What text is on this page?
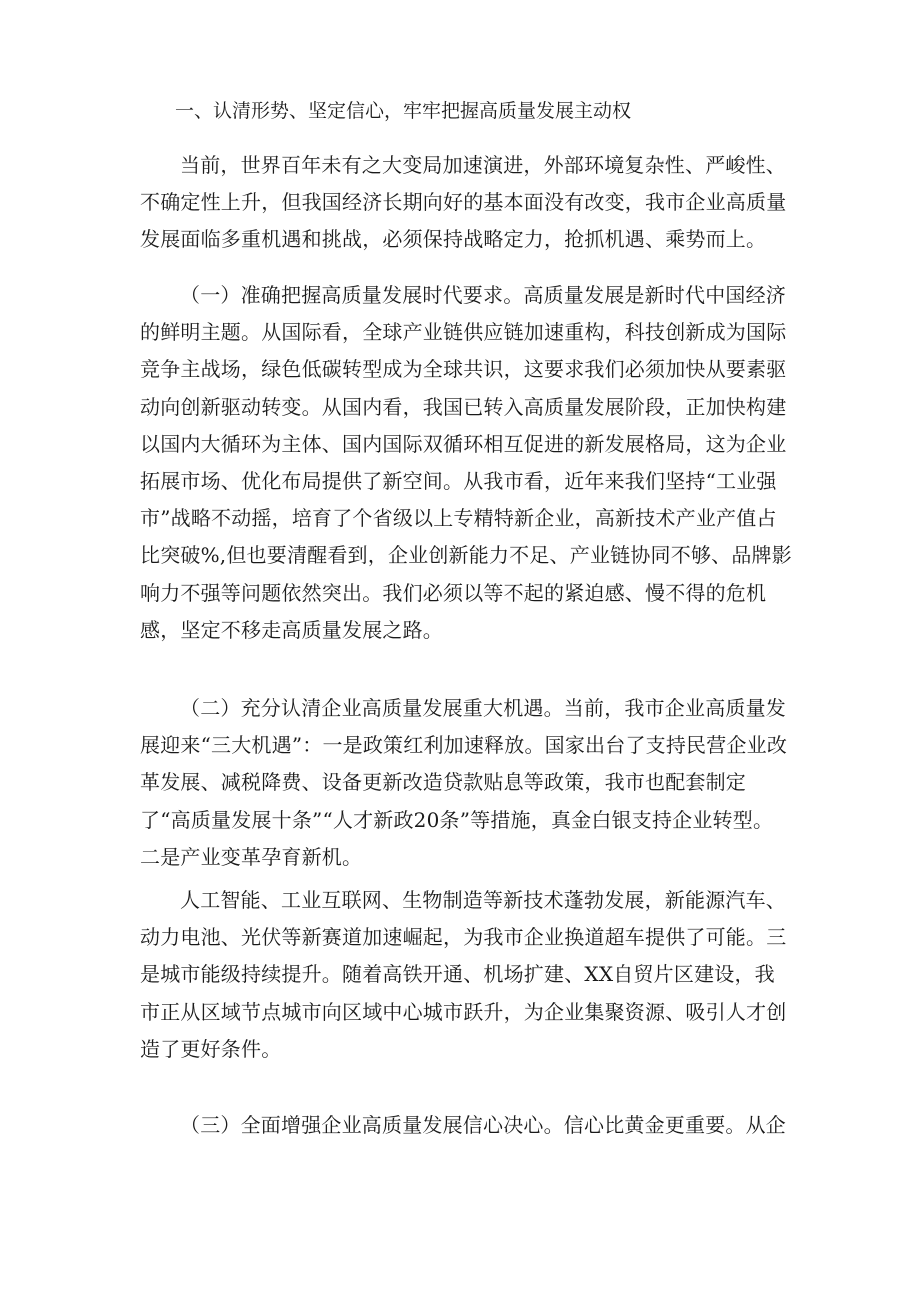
一、认清形势、坚定信心，牢牢把握高质量发展主动权

当前，世界百年未有之大变局加速演进，外部环境复杂性、严峻性、不确定性上升，但我国经济长期向好的基本面没有改变，我市企业高质量发展面临多重机遇和挑战，必须保持战略定力，抢抓机遇、乘势而上。

（一）准确把握高质量发展时代要求。高质量发展是新时代中国经济的鲜明主题。从国际看，全球产业链供应链加速重构，科技创新成为国际竞争主战场，绿色低碳转型成为全球共识，这要求我们必须加快从要素驱动向创新驱动转变。从国内看，我国已转入高质量发展阶段，正加快构建以国内大循环为主体、国内国际双循环相互促进的新发展格局，这为企业拓展市场、优化布局提供了新空间。从我市看，近年来我们坚持“工业强市”战略不动摇，培育了个省级以上专精特新企业，高新技术产业产值占比突破%,但也要清醒看到，企业创新能力不足、产业链协同不够、品牌影响力不强等问题依然突出。我们必须以等不起的紧迫感、慢不得的危机感，坚定不移走高质量发展之路。

（二）充分认清企业高质量发展重大机遇。当前，我市企业高质量发展迎来“三大机遇”：一是政策红利加速释放。国家出台了支持民营企业改革发展、减税降费、设备更新改造贷款贴息等政策，我市也配套制定了“高质量发展十条”“人才新政20条”等措施，真金白银支持企业转型。二是产业变革孕育新机。

人工智能、工业互联网、生物制造等新技术蓬勃发展，新能源汽车、动力电池、光伏等新赛道加速崛起，为我市企业换道超车提供了可能。三是城市能级持续提升。随着高铁开通、机场扩建、XX自贸片区建设，我市正从区域节点城市向区域中心城市跃升，为企业集聚资源、吸引人才创造了更好条件。

（三）全面增强企业高质量发展信心决心。信心比黄金更重要。从企
